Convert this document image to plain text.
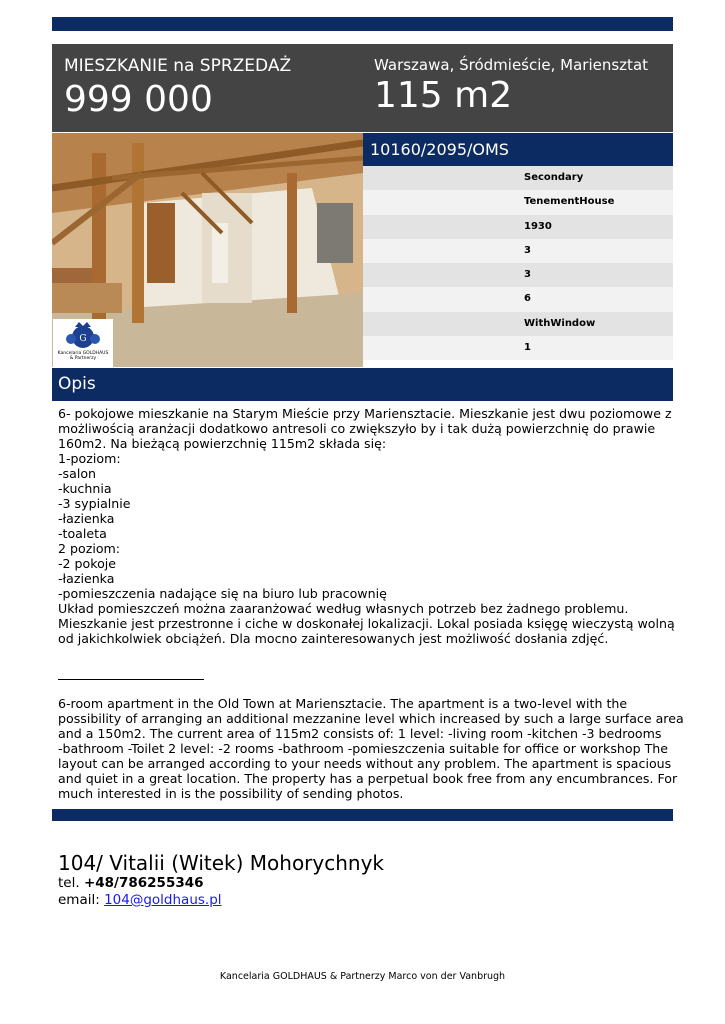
MIESZKANIE na SPRZEDAŻ
999 000
Warszawa, Śródmieście, Mariensztat
115 m2
G
Kancelaria GOLDHAUS
& Partnerzy
10160/2095/OMS
Secondary
TenementHouse
1930
3
3
6
WithWindow
1
Opis
6- pokojowe mieszkanie na Starym Mieście przy Mariensztacie. Mieszkanie jest dwu poziomowe z
możliwością aranżacji dodatkowo antresoli co zwiększyło by i tak dużą powierzchnię do prawie
160m2. Na bieżącą powierzchnię 115m2 składa się:
1-poziom:
-salon
-kuchnia
-3 sypialnie
-łazienka
-toaleta
2 poziom:
-2 pokoje
-łazienka
-pomieszczenia nadające się na biuro lub pracownię
Układ pomieszczeń można zaaranżować według własnych potrzeb bez żadnego problemu.
Mieszkanie jest przestronne i ciche w doskonałej lokalizacji. Lokal posiada księgę wieczystą wolną
od jakichkolwiek obciążeń. Dla mocno zainteresowanych jest możliwość dosłania zdjęć.
6-room apartment in the Old Town at Mariensztacie. The apartment is a two-level with the
possibility of arranging an additional mezzanine level which increased by such a large surface area
and a 150m2. The current area of 115m2 consists of: 1 level: -living room -kitchen -3 bedrooms
-bathroom -Toilet 2 level: -2 rooms -bathroom -pomieszczenia suitable for office or workshop The
layout can be arranged according to your needs without any problem. The apartment is spacious
and quiet in a great location. The property has a perpetual book free from any encumbrances. For
much interested in is the possibility of sending photos.
104/ Vitalii (Witek) Mohorychnyk
tel. +48/786255346
email: 104@goldhaus.pl
Kancelaria GOLDHAUS & Partnerzy Marco von der Vanbrugh
